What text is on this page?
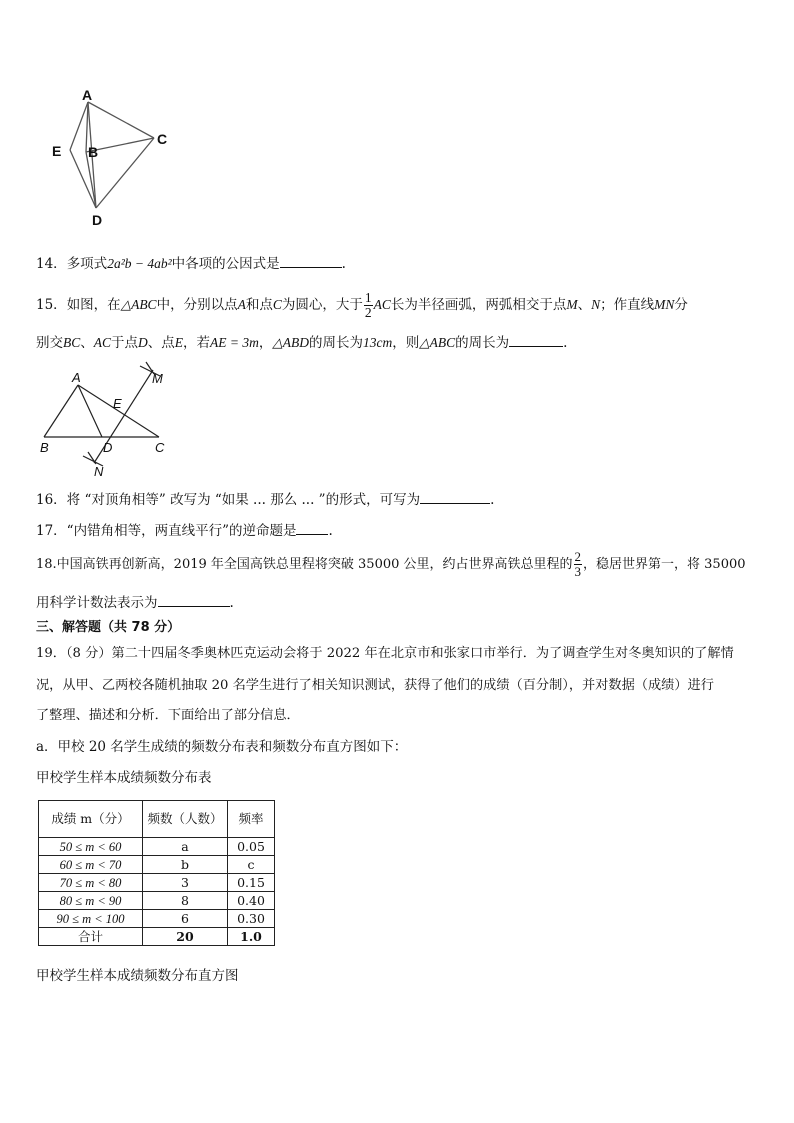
A
E B
C
D
14．多项式2a²b − 4ab²中各项的公因式是	.
15．如图，在△ABC中，分别以点A和点C为圆心，大于 $\frac{1}{2}$ AC长为半径画弧，两弧相交于点M、N；作直线MN分
别交BC、AC于点D、点E，若AE = 3m，△ABD的周长为13cm，则△ABC的周长为	.
A
B	C
D
E
M
N
16．将 “对顶角相等” 改写为 “如果 ... 那么 ... ”的形式，可写为	.
17．“内错角相等，两直线平行”的逆命题是 .
18.中国高铁再创新高，2019 年全国高铁总里程将突破 35000 公里，约占世界高铁总里程的 $\frac{2}{3}$ ，稳居世界第一，将 35000
用科学计数法表示为	.
三、解答题（共 78 分）
19．（8 分）第二十四届冬季奥林匹克运动会将于 2022 年在北京市和张家口市举行．为了调查学生对冬奥知识的了解情
况，从甲、乙两校各随机抽取 20 名学生进行了相关知识测试，获得了他们的成绩（百分制），并对数据（成绩）进行
了整理、描述和分析．下面给出了部分信息．
a．甲校 20 名学生成绩的频数分布表和频数分布直方图如下：
甲校学生样本成绩频数分布表
成绩 m（分）	频数（人数）	频率
50 ≤ m < 60	a	0.05
60 ≤ m < 70	b	c
70 ≤ m < 80	3	0.15
80 ≤ m < 90	8	0.40
90 ≤ m < 100	6	0.30
合计	20	1.0
甲校学生样本成绩频数分布直方图
